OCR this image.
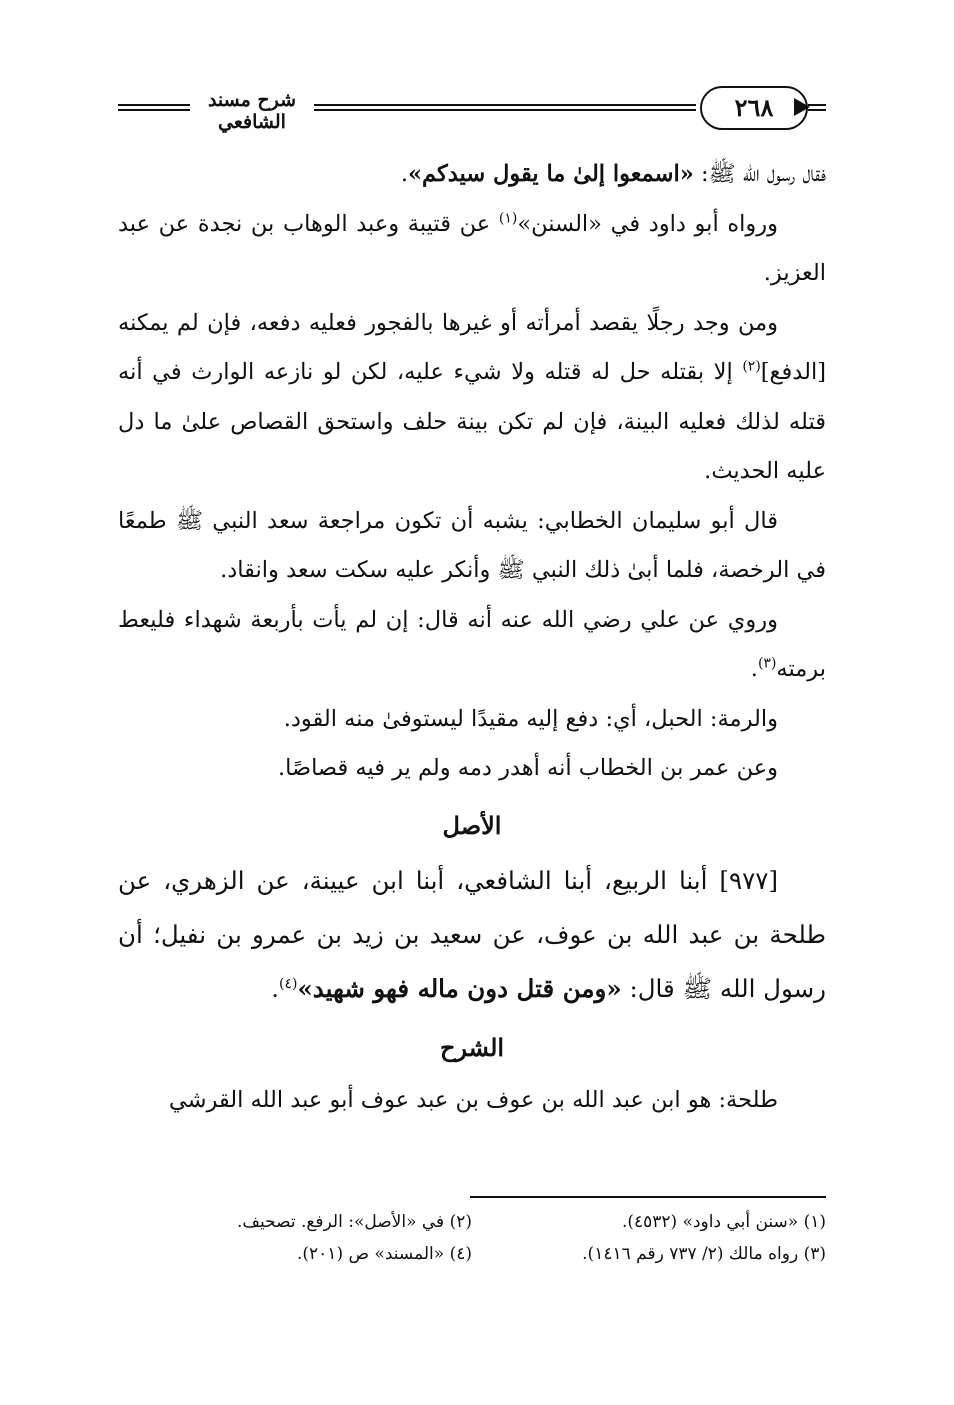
شرح مسند الشافعي	٢٦٨

فقال رسول الله ﷺ: «اسمعوا إلىٰ ما يقول سيدكم».

ورواه أبو داود في «السنن»$^{(١)}$ عن قتيبة وعبد الوهاب بن نجدة عن عبد العزيز.

ومن وجد رجلًا يقصد أمرأته أو غيرها بالفجور فعليه دفعه، فإن لم يمكنه [الدفع]$^{(٢)}$ إلا بقتله حل له قتله ولا شيء عليه، لكن لو نازعه الوارث في أنه قتله لذلك فعليه البينة، فإن لم تكن بينة حلف واستحق القصاص علىٰ ما دل عليه الحديث.

قال أبو سليمان الخطابي: يشبه أن تكون مراجعة سعد النبي ﷺ طمعًا في الرخصة، فلما أبىٰ ذلك النبي ﷺ وأنكر عليه سكت سعد وانقاد.

وروي عن علي رضي الله عنه أنه قال: إن لم يأت بأربعة شهداء فليعط برمته$^{(٣)}$.

والرمة: الحبل، أي: دفع إليه مقيدًا ليستوفىٰ منه القود.

وعن عمر بن الخطاب أنه أهدر دمه ولم ير فيه قصاصًا.

الأصل

[٩٧٧] أبنا الربيع، أبنا الشافعي، أبنا ابن عيينة، عن الزهري، عن طلحة بن عبد الله بن عوف، عن سعيد بن زيد بن عمرو بن نفيل؛ أن رسول الله ﷺ قال: «ومن قتل دون ماله فهو شهيد»$^{(٤)}$.

الشرح

طلحة: هو ابن عبد الله بن عوف بن عبد عوف أبو عبد الله القرشي

(١) «سنن أبي داود» (٤٥٣٢).
(٢) في «الأصل»: الرفع. تصحيف.
(٣) رواه مالك (٢/ ٧٣٧ رقم ١٤١٦).
(٤) «المسند» ص (٢٠١).
